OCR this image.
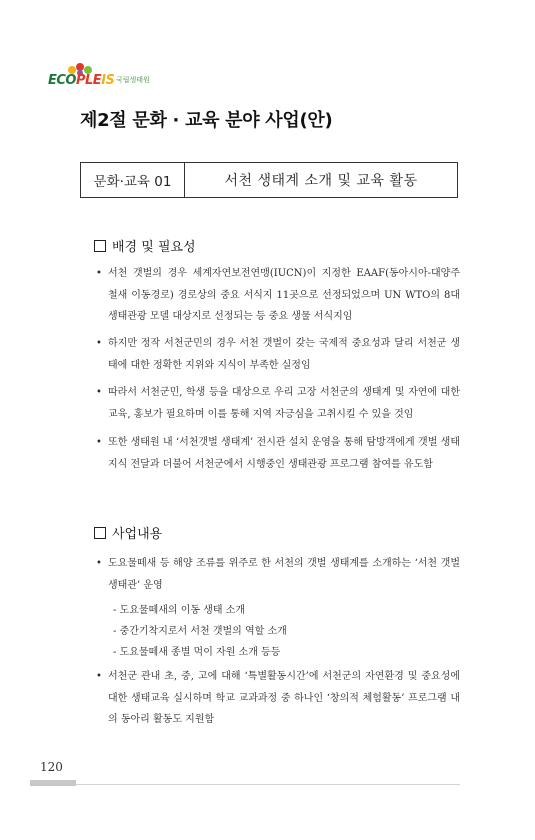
ECOPLEIS 국립생태원
제2절 문화 · 교육 분야 사업(안)
문화·교육 01	서천 생태계 소개 및 교육 활동
배경 및 필요성
• 서천 갯벌의 경우 세계자연보전연맹(IUCN)이 지정한 EAAF(동아시아-대양주 철새 이동경로) 경로상의 중요 서식지 11곳으로 선정되었으며 UN WTO의 8대 생태관광 모델 대상지로 선정되는 등 중요 생물 서식지임
• 하지만 정작 서천군민의 경우 서천 갯벌이 갖는 국제적 중요성과 달리 서천군 생태에 대한 정확한 지위와 지식이 부족한 실정임
• 따라서 서천군민, 학생 등을 대상으로 우리 고장 서천군의 생태계 및 자연에 대한 교육, 홍보가 필요하며 이를 통해 지역 자긍심을 고취시킬 수 있을 것임
• 또한 생태원 내 ‘서천갯벌 생태계’ 전시관 설치 운영을 통해 탐방객에게 갯벌 생태 지식 전달과 더불어 서천군에서 시행중인 생태관광 프로그램 참여를 유도함
사업내용
• 도요물떼새 등 해양 조류를 위주로 한 서천의 갯벌 생태계를 소개하는 ‘서천 갯벌 생태관’ 운영
- 도요물떼새의 이동 생태 소개
- 중간기착지로서 서천 갯벌의 역할 소개
- 도요물떼새 종별 먹이 자원 소개 등등
• 서천군 관내 초, 중, 고에 대해 ‘특별활동시간’에 서천군의 자연환경 및 중요성에 대한 생태교육 실시하며 학교 교과과정 중 하나인 ‘창의적 체험활동’ 프로그램 내의 동아리 활동도 지원함
120
